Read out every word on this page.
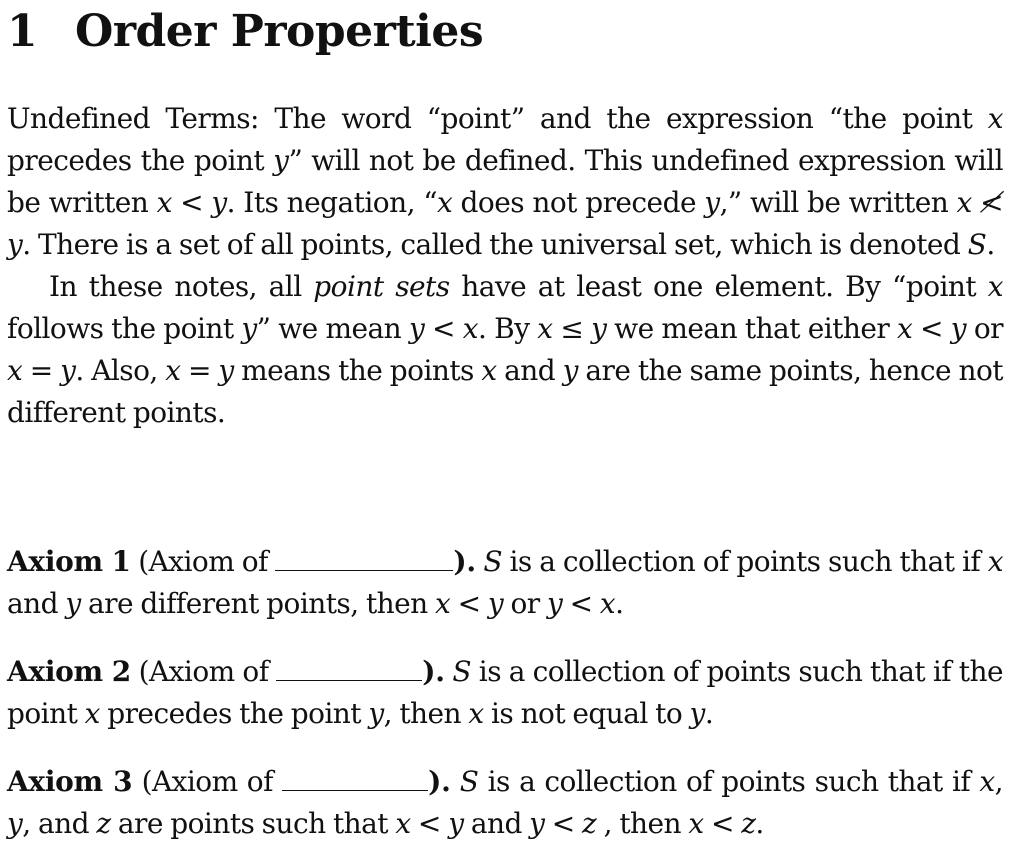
1 Order Properties

Undefined Terms: The word “point” and the expression “the point x precedes the point y” will not be defined. This undefined expression will be written x < y. Its negation, “x does not precede y,” will be written x ≮ y. There is a set of all points, called the universal set, which is denoted S.

In these notes, all point sets have at least one element. By “point x follows the point y” we mean y < x. By x ≤ y we mean that either x < y or x = y. Also, x = y means the points x and y are the same points, hence not different points.

Axiom 1 (Axiom of	). S is a collection of points such that if x and y are different points, then x < y or y < x.

Axiom 2 (Axiom of	). S is a collection of points such that if the point x precedes the point y, then x is not equal to y.

Axiom 3 (Axiom of	). S is a collection of points such that if x, y, and z are points such that x < y and y < z , then x < z.
